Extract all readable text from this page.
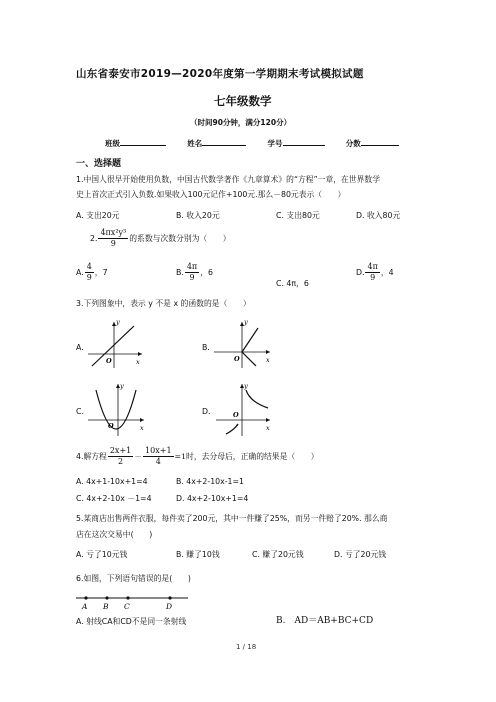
山东省泰安市2019—2020年度第一学期期末考试模拟试题
七年级数学
（时间90分钟，满分120分）
班级	姓名	学号	分数
一、选择题
1.中国人很早开始使用负数，中国古代数学著作《九章算术》的“方程”一章，在世界数学
史上首次正式引入负数.如果收入100元记作+100元.那么－80元表示（　　）
A. 支出20元	B. 收入20元	C. 支出80元	D. 收入80元
2. $\frac{\text{4πx²y³}}{9}$ 的系数与次数分别为（　　）
A. $\frac{4}{9}$ ，7	B. $\frac{4\pi}{9}$ ，6
C. 4π，6
D. $\frac{4\pi}{9}$ ，4
3.下列图象中，表示 y 不是 x 的函数的是（　　）
A.
y
x
O
B.
y
x
O
C.
y
x
O
D.
y
x
O
4.解方程 $\frac{2x+1}{2} - \frac{10x+1}{4} =1$ 时，去分母后，正确的结果是（　　）
A. 4x+1-10x+1=4	B. 4x+2-10x-1=1
C. 4x+2-10x －1=4	D. 4x+2-10x+1=4
5.某商店出售两件衣服，每件卖了200元，其中一件赚了25%，而另一件赔了20%. 那么商
店在这次交易中(　　)
A. 亏了10元钱	B. 赚了10钱	C. 赚了20元钱	D. 亏了20元钱
6.如图，下列语句错误的是(　　)
A B C	D
A. 射线CA和CD不是同一条射线	B.　AD＝AB+BC+CD
1 / 18
